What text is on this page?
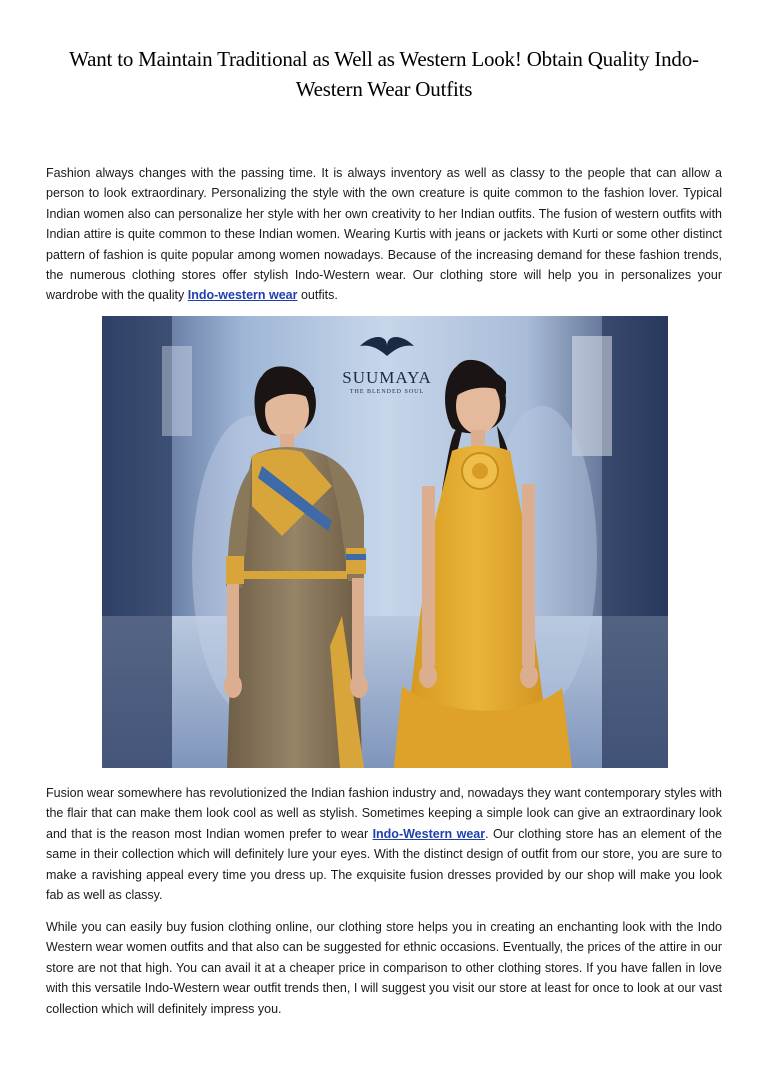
Want to Maintain Traditional as Well as Western Look! Obtain Quality Indo-Western Wear Outfits

Fashion always changes with the passing time. It is always inventory as well as classy to the people that can allow a person to look extraordinary. Personalizing the style with the own creature is quite common to the fashion lover. Typical Indian women also can personalize her style with her own creativity to her Indian outfits. The fusion of western outfits with Indian attire is quite common to these Indian women. Wearing Kurtis with jeans or jackets with Kurti or some other distinct pattern of fashion is quite popular among women nowadays. Because of the increasing demand for these fashion trends, the numerous clothing stores offer stylish Indo-Western wear. Our clothing store will help you in personalizes your wardrobe with the quality Indo-western wear outfits.

SUUMAYA
THE BLENDED SOUL

Fusion wear somewhere has revolutionized the Indian fashion industry and, nowadays they want contemporary styles with the flair that can make them look cool as well as stylish. Sometimes keeping a simple look can give an extraordinary look and that is the reason most Indian women prefer to wear Indo-Western wear. Our clothing store has an element of the same in their collection which will definitely lure your eyes. With the distinct design of outfit from our store, you are sure to make a ravishing appeal every time you dress up. The exquisite fusion dresses provided by our shop will make you look fab as well as classy.

While you can easily buy fusion clothing online, our clothing store helps you in creating an enchanting look with the Indo Western wear women outfits and that also can be suggested for ethnic occasions. Eventually, the prices of the attire in our store are not that high. You can avail it at a cheaper price in comparison to other clothing stores. If you have fallen in love with this versatile Indo-Western wear outfit trends then, I will suggest you visit our store at least for once to look at our vast collection which will definitely impress you.
